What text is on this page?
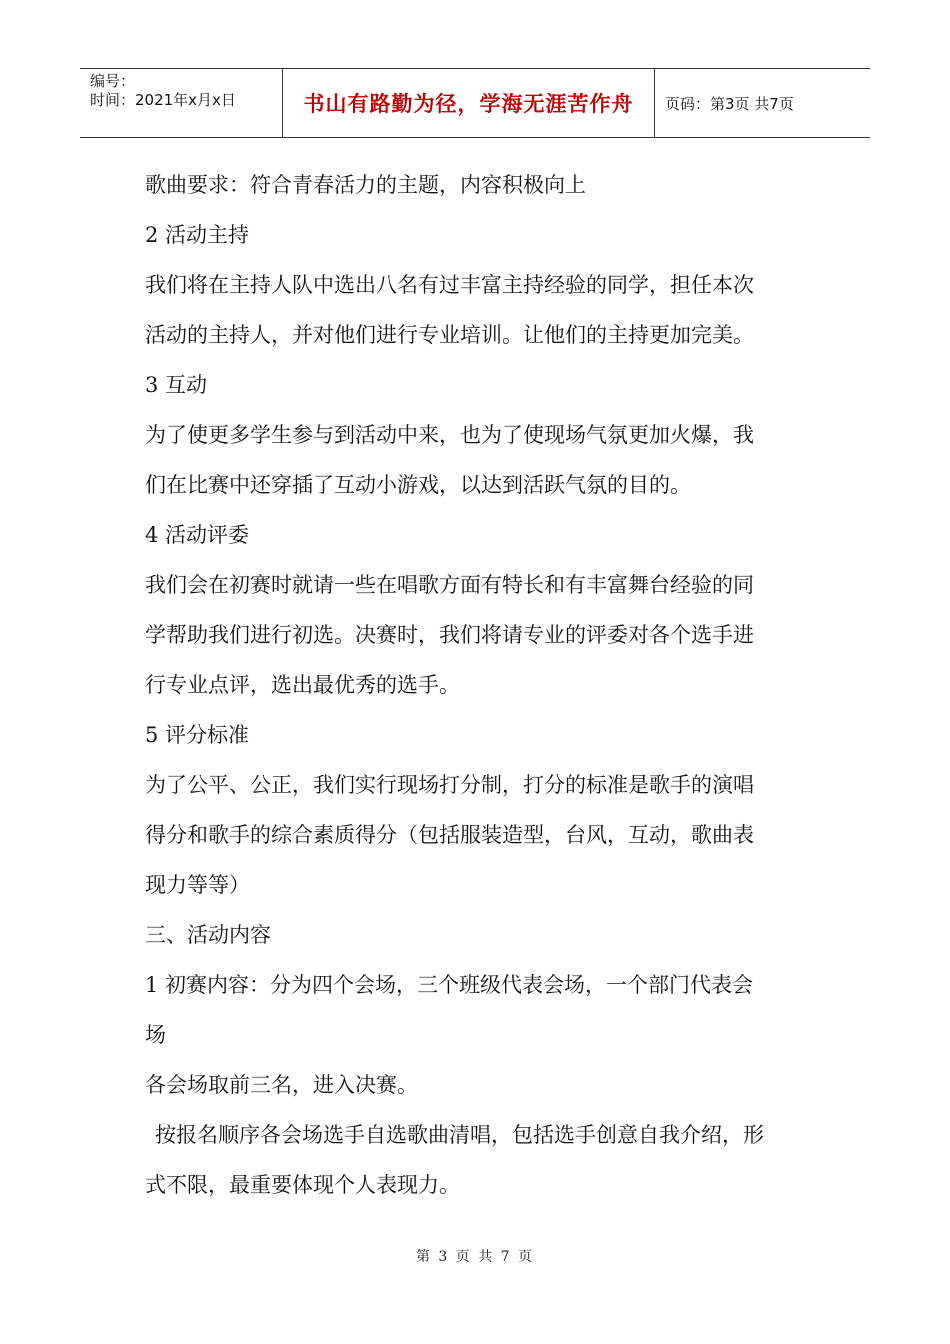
编号：
时间：2021年x月x日	书山有路勤为径，学海无涯苦作舟	页码：第3页 共7页
歌曲要求：符合青春活力的主题，内容积极向上
2 活动主持
我们将在主持人队中选出八名有过丰富主持经验的同学，担任本次
活动的主持人，并对他们进行专业培训。让他们的主持更加完美。
3 互动
为了使更多学生参与到活动中来，也为了使现场气氛更加火爆，我
们在比赛中还穿插了互动小游戏，以达到活跃气氛的目的。
4 活动评委
我们会在初赛时就请一些在唱歌方面有特长和有丰富舞台经验的同
学帮助我们进行初选。决赛时，我们将请专业的评委对各个选手进
行专业点评，选出最优秀的选手。
5 评分标准
为了公平、公正，我们实行现场打分制，打分的标准是歌手的演唱
得分和歌手的综合素质得分（包括服装造型，台风，互动，歌曲表
现力等等）
三、活动内容
1 初赛内容：分为四个会场，三个班级代表会场，一个部门代表会
场
各会场取前三名，进入决赛。
按报名顺序各会场选手自选歌曲清唱，包括选手创意自我介绍，形
式不限，最重要体现个人表现力。
第 3 页 共 7 页
